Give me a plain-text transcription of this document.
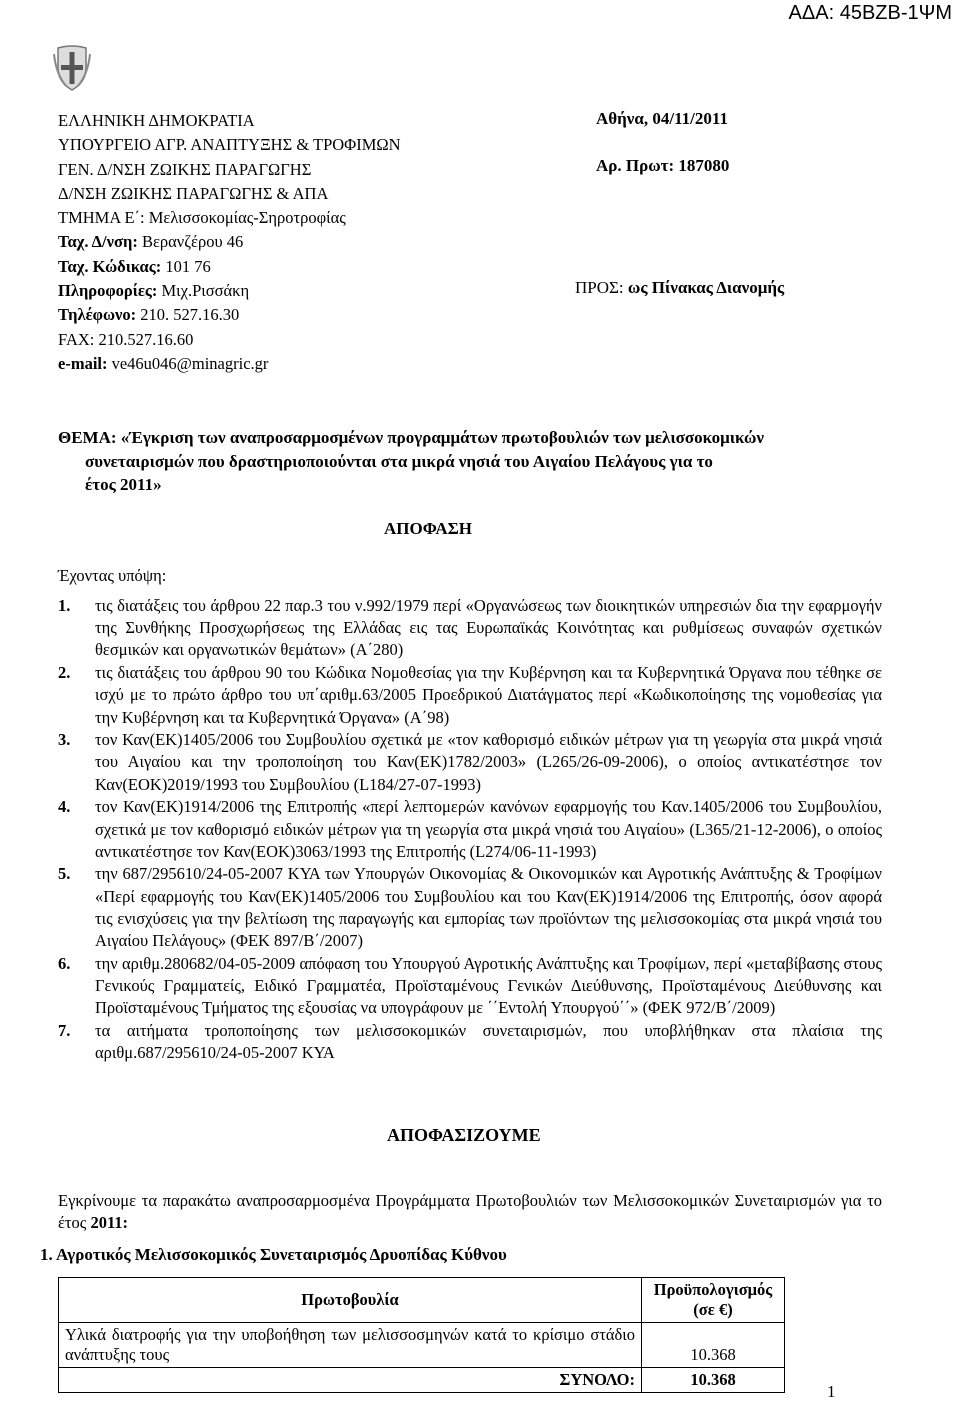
ΑΔΑ: 45ΒΖΒ-1ΨΜ
ΕΛΛΗΝΙΚΗ ΔΗΜΟΚΡΑΤΙΑ
ΥΠΟΥΡΓΕΙΟ ΑΓΡ. ΑΝΑΠΤΥΞΗΣ & ΤΡΟΦΙΜΩΝ
ΓΕΝ. Δ/ΝΣΗ ΖΩΙΚΗΣ ΠΑΡΑΓΩΓΗΣ
Δ/ΝΣΗ ΖΩΙΚΗΣ ΠΑΡΑΓΩΓΗΣ & ΑΠΑ
ΤΜΗΜΑ Ε΄: Μελισσοκομίας-Σηροτροφίας
Ταχ. Δ/νση: Βερανζέρου 46
Ταχ. Κώδικας: 101 76
Πληροφορίες: Μιχ.Ρισσάκη
Τηλέφωνο: 210. 527.16.30
FAX: 210.527.16.60
e-mail: ve46u046@minagric.gr
Αθήνα, 04/11/2011
Αρ. Πρωτ: 187080
ΠΡΟΣ: ως Πίνακας Διανομής
ΘΕΜΑ: «Έγκριση των αναπροσαρμοσμένων προγραμμάτων πρωτοβουλιών των μελισσοκομικών
συνεταιρισμών που δραστηριοποιούνται στα μικρά νησιά του Αιγαίου Πελάγους για το
έτος 2011»
ΑΠΟΦΑΣΗ
Έχοντας υπόψη:
1. τις διατάξεις του άρθρου 22 παρ.3 του ν.992/1979 περί «Οργανώσεως των διοικητικών υπηρεσιών δια την εφαρμογήν της Συνθήκης Προσχωρήσεως της Ελλάδας εις τας Ευρωπαϊκάς Κοινότητας και ρυθμίσεως συναφών σχετικών θεσμικών και οργανωτικών θεμάτων» (Α΄280)
2. τις διατάξεις του άρθρου 90 του Κώδικα Νομοθεσίας για την Κυβέρνηση και τα Κυβερνητικά Όργανα που τέθηκε σε ισχύ με το πρώτο άρθρο του υπ΄αριθμ.63/2005 Προεδρικού Διατάγματος περί «Κωδικοποίησης της νομοθεσίας για την Κυβέρνηση και τα Κυβερνητικά Όργανα» (Α΄98)
3. τον Καν(ΕΚ)1405/2006 του Συμβουλίου σχετικά με «τον καθορισμό ειδικών μέτρων για τη γεωργία στα μικρά νησιά του Αιγαίου και την τροποποίηση του Καν(ΕΚ)1782/2003» (L265/26-09-2006), ο οποίος αντικατέστησε τον Καν(ΕΟΚ)2019/1993 του Συμβουλίου (L184/27-07-1993)
4. τον Καν(ΕΚ)1914/2006 της Επιτροπής «περί λεπτομερών κανόνων εφαρμογής του Καν.1405/2006 του Συμβουλίου, σχετικά με τον καθορισμό ειδικών μέτρων για τη γεωργία στα μικρά νησιά του Αιγαίου» (L365/21-12-2006), ο οποίος αντικατέστησε τον Καν(ΕΟΚ)3063/1993 της Επιτροπής (L274/06-11-1993)
5. την 687/295610/24-05-2007 ΚΥΑ των Υπουργών Οικονομίας & Οικονομικών και Αγροτικής Ανάπτυξης & Τροφίμων «Περί εφαρμογής του Καν(ΕΚ)1405/2006 του Συμβουλίου και του Καν(ΕΚ)1914/2006 της Επιτροπής, όσον αφορά τις ενισχύσεις για την βελτίωση της παραγωγής και εμπορίας των προϊόντων της μελισσοκομίας στα μικρά νησιά του Αιγαίου Πελάγους» (ΦΕΚ 897/Β΄/2007)
6. την αριθμ.280682/04-05-2009 απόφαση του Υπουργού Αγροτικής Ανάπτυξης και Τροφίμων, περί «μεταβίβασης στους Γενικούς Γραμματείς, Ειδικό Γραμματέα, Προϊσταμένους Γενικών Διεύθυνσης, Προϊσταμένους Διεύθυνσης και Προϊσταμένους Τμήματος της εξουσίας να υπογράφουν με ΄΄Εντολή Υπουργού΄΄» (ΦΕΚ 972/Β΄/2009)
7. τα αιτήματα τροποποίησης των μελισσοκομικών συνεταιρισμών, που υποβλήθηκαν στα πλαίσια της αριθμ.687/295610/24-05-2007 ΚΥΑ
ΑΠΟΦΑΣΙΖΟΥΜΕ
Εγκρίνουμε τα παρακάτω αναπροσαρμοσμένα Προγράμματα Πρωτοβουλιών των Μελισσοκομικών Συνεταιρισμών για το έτος 2011:
1. Αγροτικός Μελισσοκομικός Συνεταιρισμός Δρυοπίδας Κύθνου
Πρωτοβουλία	Προϋπολογισμός (σε €)
Υλικά διατροφής για την υποβοήθηση των μελισσοσμηνών κατά το κρίσιμο στάδιο ανάπτυξης τους	10.368
ΣΥΝΟΛΟ:	10.368
1
